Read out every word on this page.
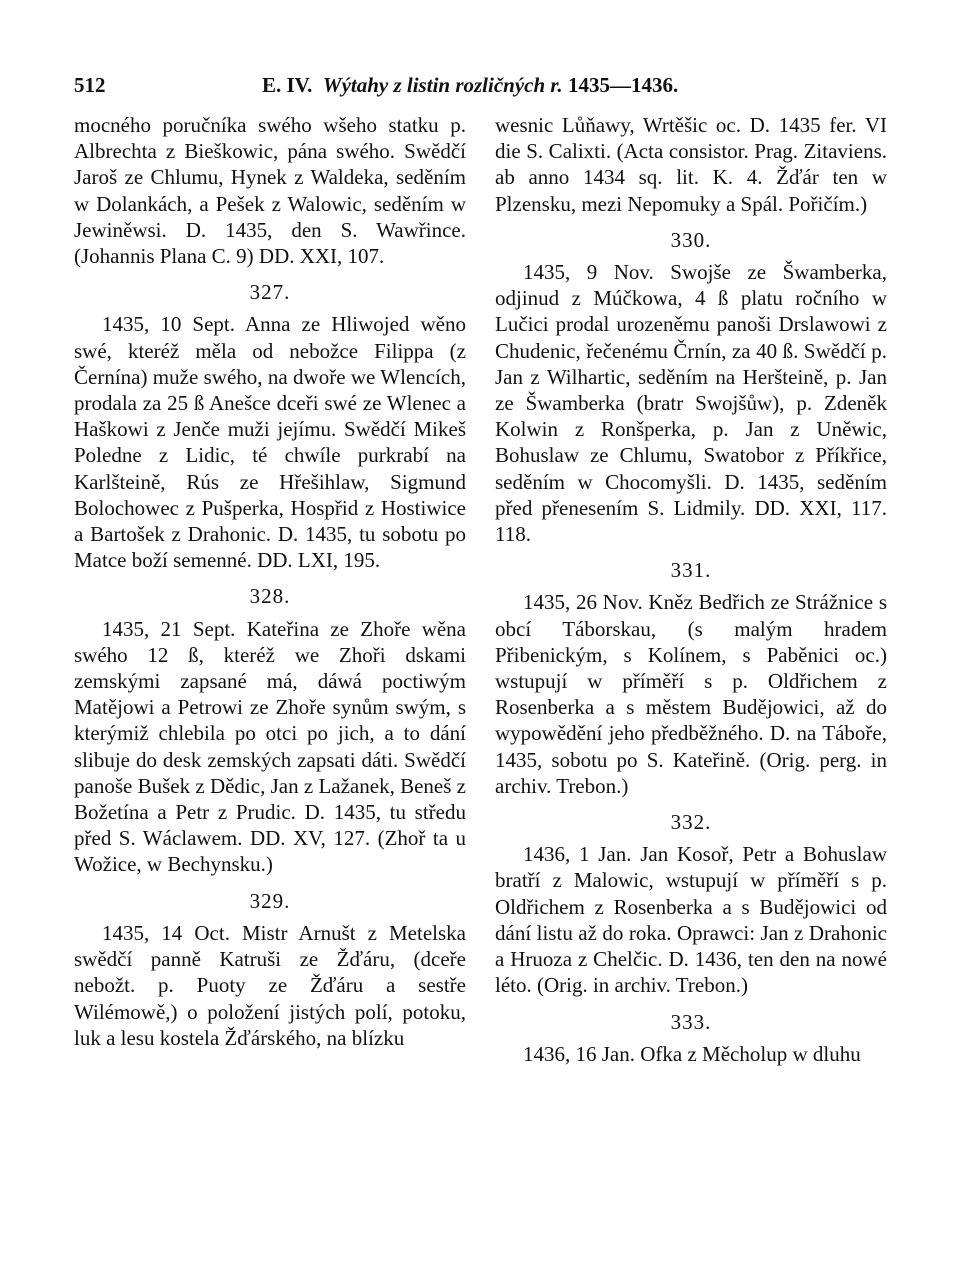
512	E. IV. Wýtahy z listin rozličných r. 1435—1436.

mocného poručníka swého wšeho statku p. Albrechta z Bieškowic, pána swého. Swědčí Jaroš ze Chlumu, Hynek z Waldeka, seděním w Dolankách, a Pešek z Walowic, seděním w Jewiněwsi. D. 1435, den S. Wawřince. (Johannis Plana C. 9) DD. XXI, 107.

327.

1435, 10 Sept. Anna ze Hliwojed wěno swé, kteréž měla od nebožce Filippa (z Černína) muže swého, na dwoře we Wlencích, prodala za 25 ß Anešce dceři swé ze Wlenec a Haškowi z Jenče muži jejímu. Swědčí Mikeš Poledne z Lidic, té chwíle purkrabí na Karlšteině, Rús ze Hřešihlaw, Sigmund Bolochowec z Pušperka, Hospřid z Hostiwice a Bartošek z Drahonic. D. 1435, tu sobotu po Matce boží semenné. DD. LXI, 195.

328.

1435, 21 Sept. Kateřina ze Zhoře wěna swého 12 ß, kteréž we Zhoři dskami zemskými zapsané má, dáwá poctiwým Matějowi a Petrowi ze Zhoře synům swým, s kterýmiž chlebila po otci po jich, a to dání slibuje do desk zemských zapsati dáti. Swědčí panoše Bušek z Dědic, Jan z Lažanek, Beneš z Božetína a Petr z Prudic. D. 1435, tu středu před S. Wáclawem. DD. XV, 127. (Zhoř ta u Wožice, w Bechynsku.)

329.

1435, 14 Oct. Mistr Arnušt z Metelska swědčí panně Katruši ze Žďáru, (dceře nebožt. p. Puoty ze Žďáru a sestře Wilémowě,) o položení jistých polí, potoku, luk a lesu kostela Žďárského, na blízku

wesnic Lůňawy, Wrtěšic oc. D. 1435 fer. VI die S. Calixti. (Acta consistor. Prag. Zitaviens. ab anno 1434 sq. lit. K. 4. Žďár ten w Plzensku, mezi Nepomuky a Spál. Pořičím.)

330.

1435, 9 Nov. Swojše ze Šwamberka, odjinud z Múčkowa, 4 ß platu ročního w Lučici prodal urozeněmu panoši Drslawowi z Chudenic, řečenému Črnín, za 40 ß. Swědčí p. Jan z Wilhartic, seděním na Heršteině, p. Jan ze Šwamberka (bratr Swojšůw), p. Zdeněk Kolwin z Ronšperka, p. Jan z Uněwic, Bohuslaw ze Chlumu, Swatobor z Příkřice, seděním w Chocomyšli. D. 1435, seděním před přenesením S. Lidmily. DD. XXI, 117. 118.

331.

1435, 26 Nov. Kněz Bedřich ze Strážnice s obcí Táborskau, (s malým hradem Přibenickým, s Kolínem, s Paběnici oc.) wstupují w příměří s p. Oldřichem z Rosenberka a s městem Budějowici, až do wypowědění jeho předběžného. D. na Táboře, 1435, sobotu po S. Kateřině. (Orig. perg. in archiv. Trebon.)

332.

1436, 1 Jan. Jan Kosoř, Petr a Bohuslaw bratří z Malowic, wstupují w příměří s p. Oldřichem z Rosenberka a s Budějowici od dání listu až do roka. Oprawci: Jan z Drahonic a Hruoza z Chelčic. D. 1436, ten den na nowé léto. (Orig. in archiv. Trebon.)

333.

1436, 16 Jan. Ofka z Měcholup w dluhu
